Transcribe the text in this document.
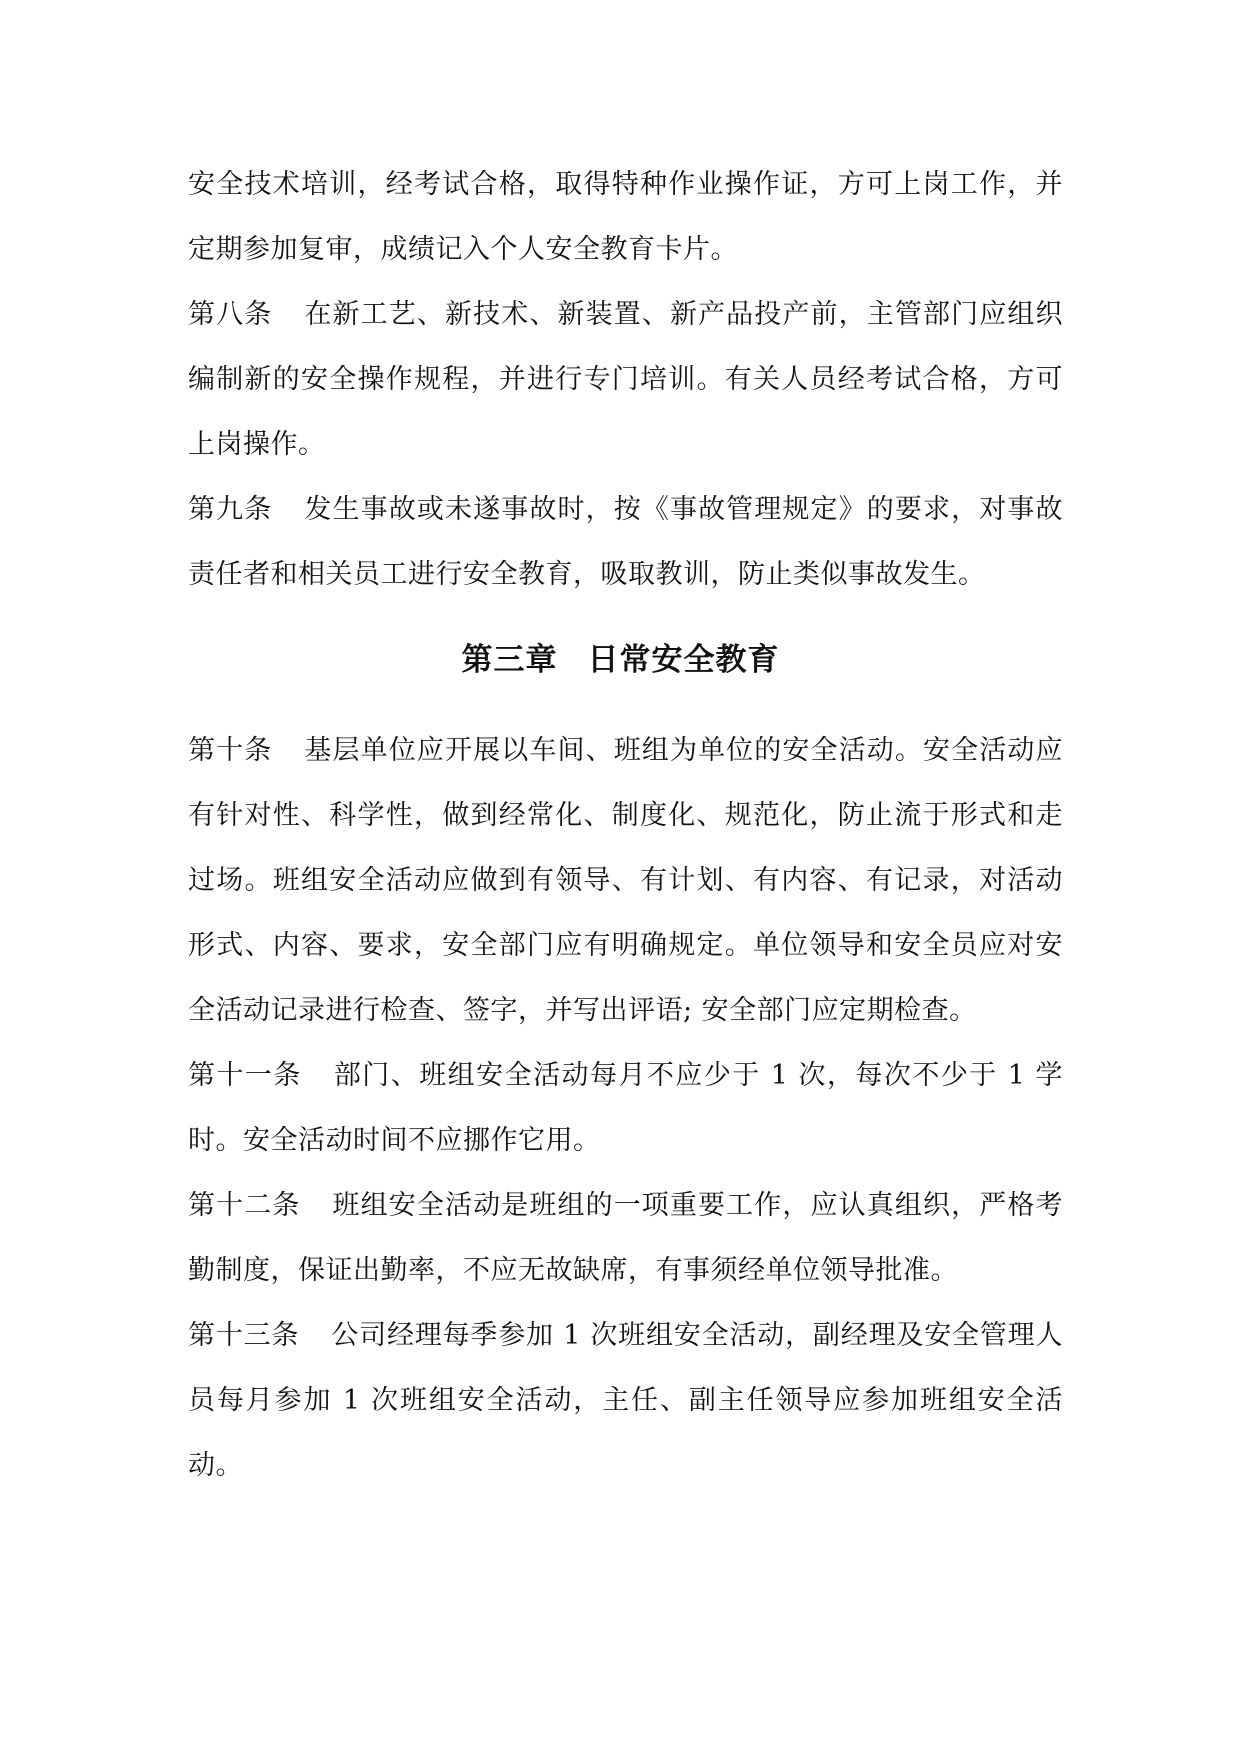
安全技术培训，经考试合格，取得特种作业操作证，方可上岗工作，并定期参加复审，成绩记入个人安全教育卡片。

第八条 在新工艺、新技术、新装置、新产品投产前，主管部门应组织编制新的安全操作规程，并进行专门培训。有关人员经考试合格，方可上岗操作。

第九条 发生事故或未遂事故时，按《事故管理规定》的要求，对事故责任者和相关员工进行安全教育，吸取教训，防止类似事故发生。

第三章 日常安全教育

第十条 基层单位应开展以车间、班组为单位的安全活动。安全活动应有针对性、科学性，做到经常化、制度化、规范化，防止流于形式和走过场。班组安全活动应做到有领导、有计划、有内容、有记录，对活动形式、内容、要求，安全部门应有明确规定。单位领导和安全员应对安全活动记录进行检查、签字，并写出评语; 安全部门应定期检查。

第十一条 部门、班组安全活动每月不应少于 1 次，每次不少于 1 学时。安全活动时间不应挪作它用。

第十二条 班组安全活动是班组的一项重要工作，应认真组织，严格考勤制度，保证出勤率，不应无故缺席，有事须经单位领导批准。

第十三条 公司经理每季参加 1 次班组安全活动，副经理及安全管理人员每月参加 1 次班组安全活动，主任、副主任领导应参加班组安全活动。
